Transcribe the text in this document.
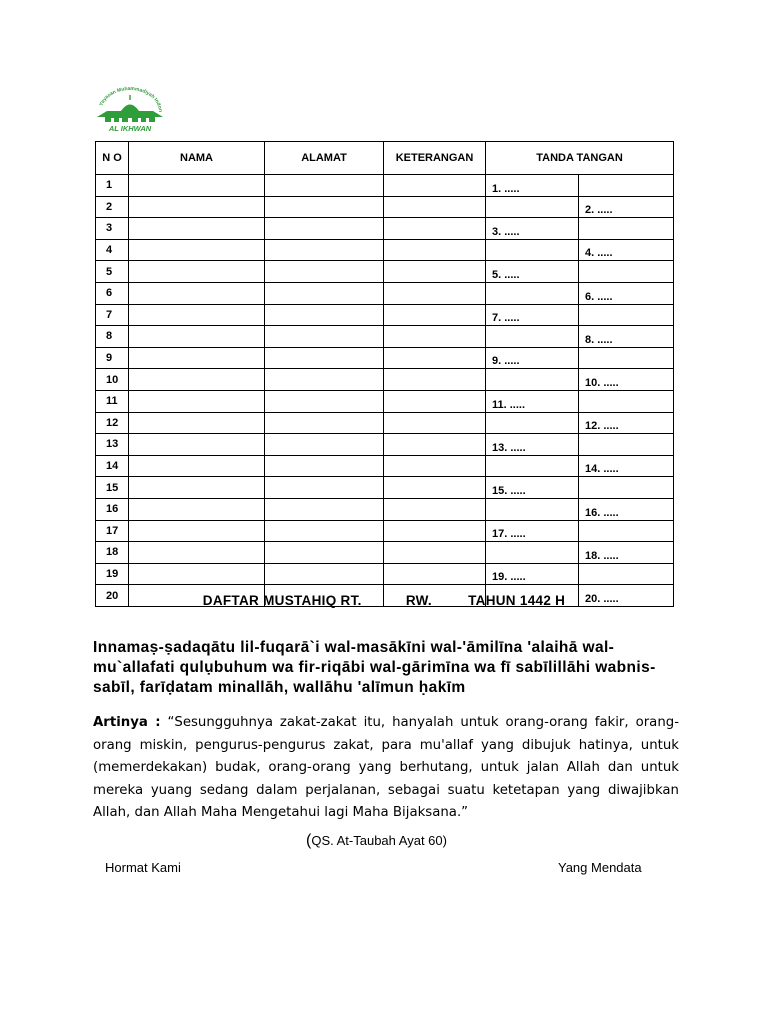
Yayasan Muhammadiyah Indon
AL IKHWAN
N O	NAMA	ALAMAT	KETERANGAN	TANDA TANGAN	
1				1. .....	
2					2. .....
3				3. .....	
4					4. .....
5				5. .....	
6					6. .....
7				7. .....	
8					8. .....
9				9. .....	
10					10. .....
11				11. .....	
12					12. .....
13				13. .....	
14					14. .....
15				15. .....	
16					16. .....
17				17. .....	
18					18. .....
19				19. .....	
20					20. .....
DAFTAR MUSTAHIQ RT.	RW.	TAHUN 1442 H
Innamaṣ-ṣadaqātu lil-fuqarā`i wal-masākīni wal-'āmilīna 'alaihā wal-mu`allafati qulụbuhum wa fir-riqābi wal-gārimīna wa fī sabīlillāhi wabnis-sabīl, farīḍatam minallāh, wallāhu 'alīmun ḥakīm
Artinya : “Sesungguhnya zakat-zakat itu, hanyalah untuk orang-orang fakir, orang-orang miskin, pengurus-pengurus zakat, para mu'allaf yang dibujuk hatinya, untuk (memerdekakan) budak, orang-orang yang berhutang, untuk jalan Allah dan untuk mereka yuang sedang dalam perjalanan, sebagai suatu ketetapan yang diwajibkan Allah, dan Allah Maha Mengetahui lagi Maha Bijaksana.”
(QS. At-Taubah Ayat 60)
Hormat Kami	Yang Mendata
